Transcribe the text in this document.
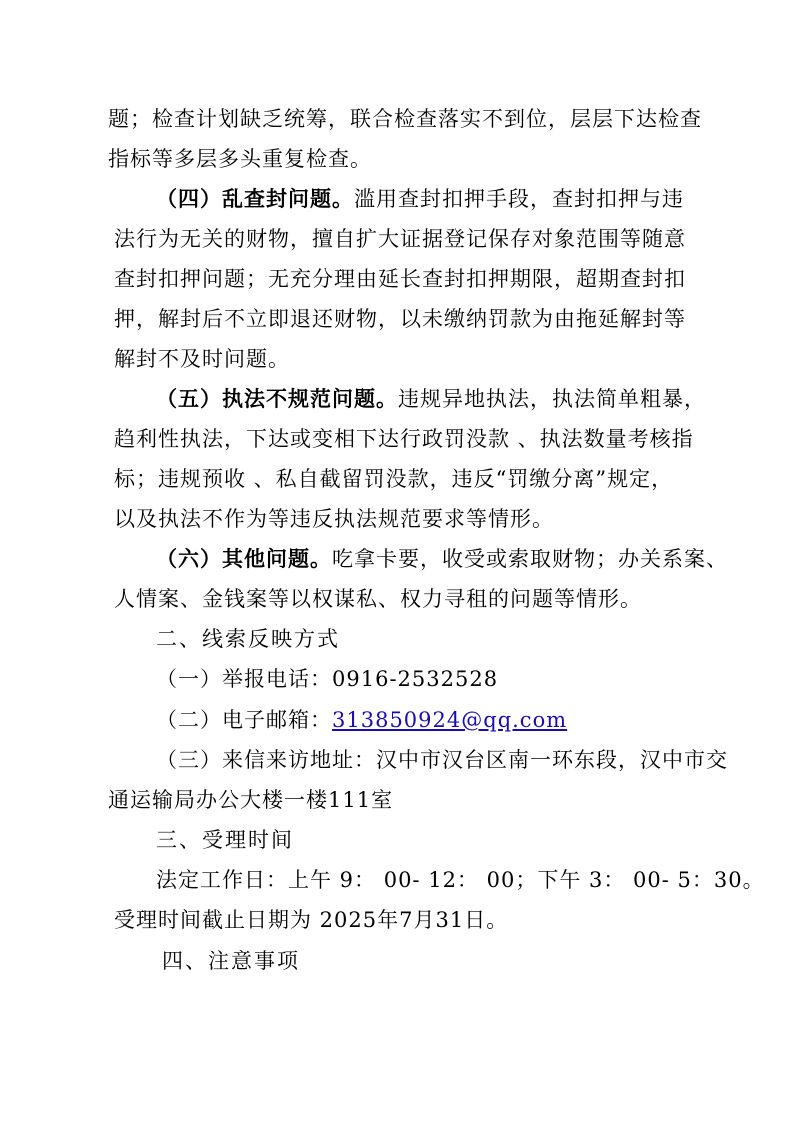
题；检查计划缺乏统筹，联合检查落实不到位，层层下达检查
指标等多层多头重复检查。
（四）乱查封问题。滥用查封扣押手段，查封扣押与违
法行为无关的财物，擅自扩大证据登记保存对象范围等随意
查封扣押问题；无充分理由延长查封扣押期限，超期查封扣
押，解封后不立即退还财物，以未缴纳罚款为由拖延解封等
解封不及时问题。
（五）执法不规范问题。违规异地执法，执法简单粗暴，
趋利性执法，下达或变相下达行政罚没款 、执法数量考核指
标；违规预收 、私自截留罚没款，违反“罚缴分离”规定，
以及执法不作为等违反执法规范要求等情形。
（六）其他问题。吃拿卡要，收受或索取财物；办关系案、
人情案、金钱案等以权谋私、权力寻租的问题等情形。
二、线索反映方式
（一）举报电话：0916-2532528
（二）电子邮箱：313850924@qq.com
（三）来信来访地址：汉中市汉台区南一环东段，汉中市交
通运输局办公大楼一楼111室
三、受理时间
法定工作日：上午 9： 00- 12： 00；下午 3： 00- 5：30。
受理时间截止日期为 2025年7月31日。
四、注意事项
